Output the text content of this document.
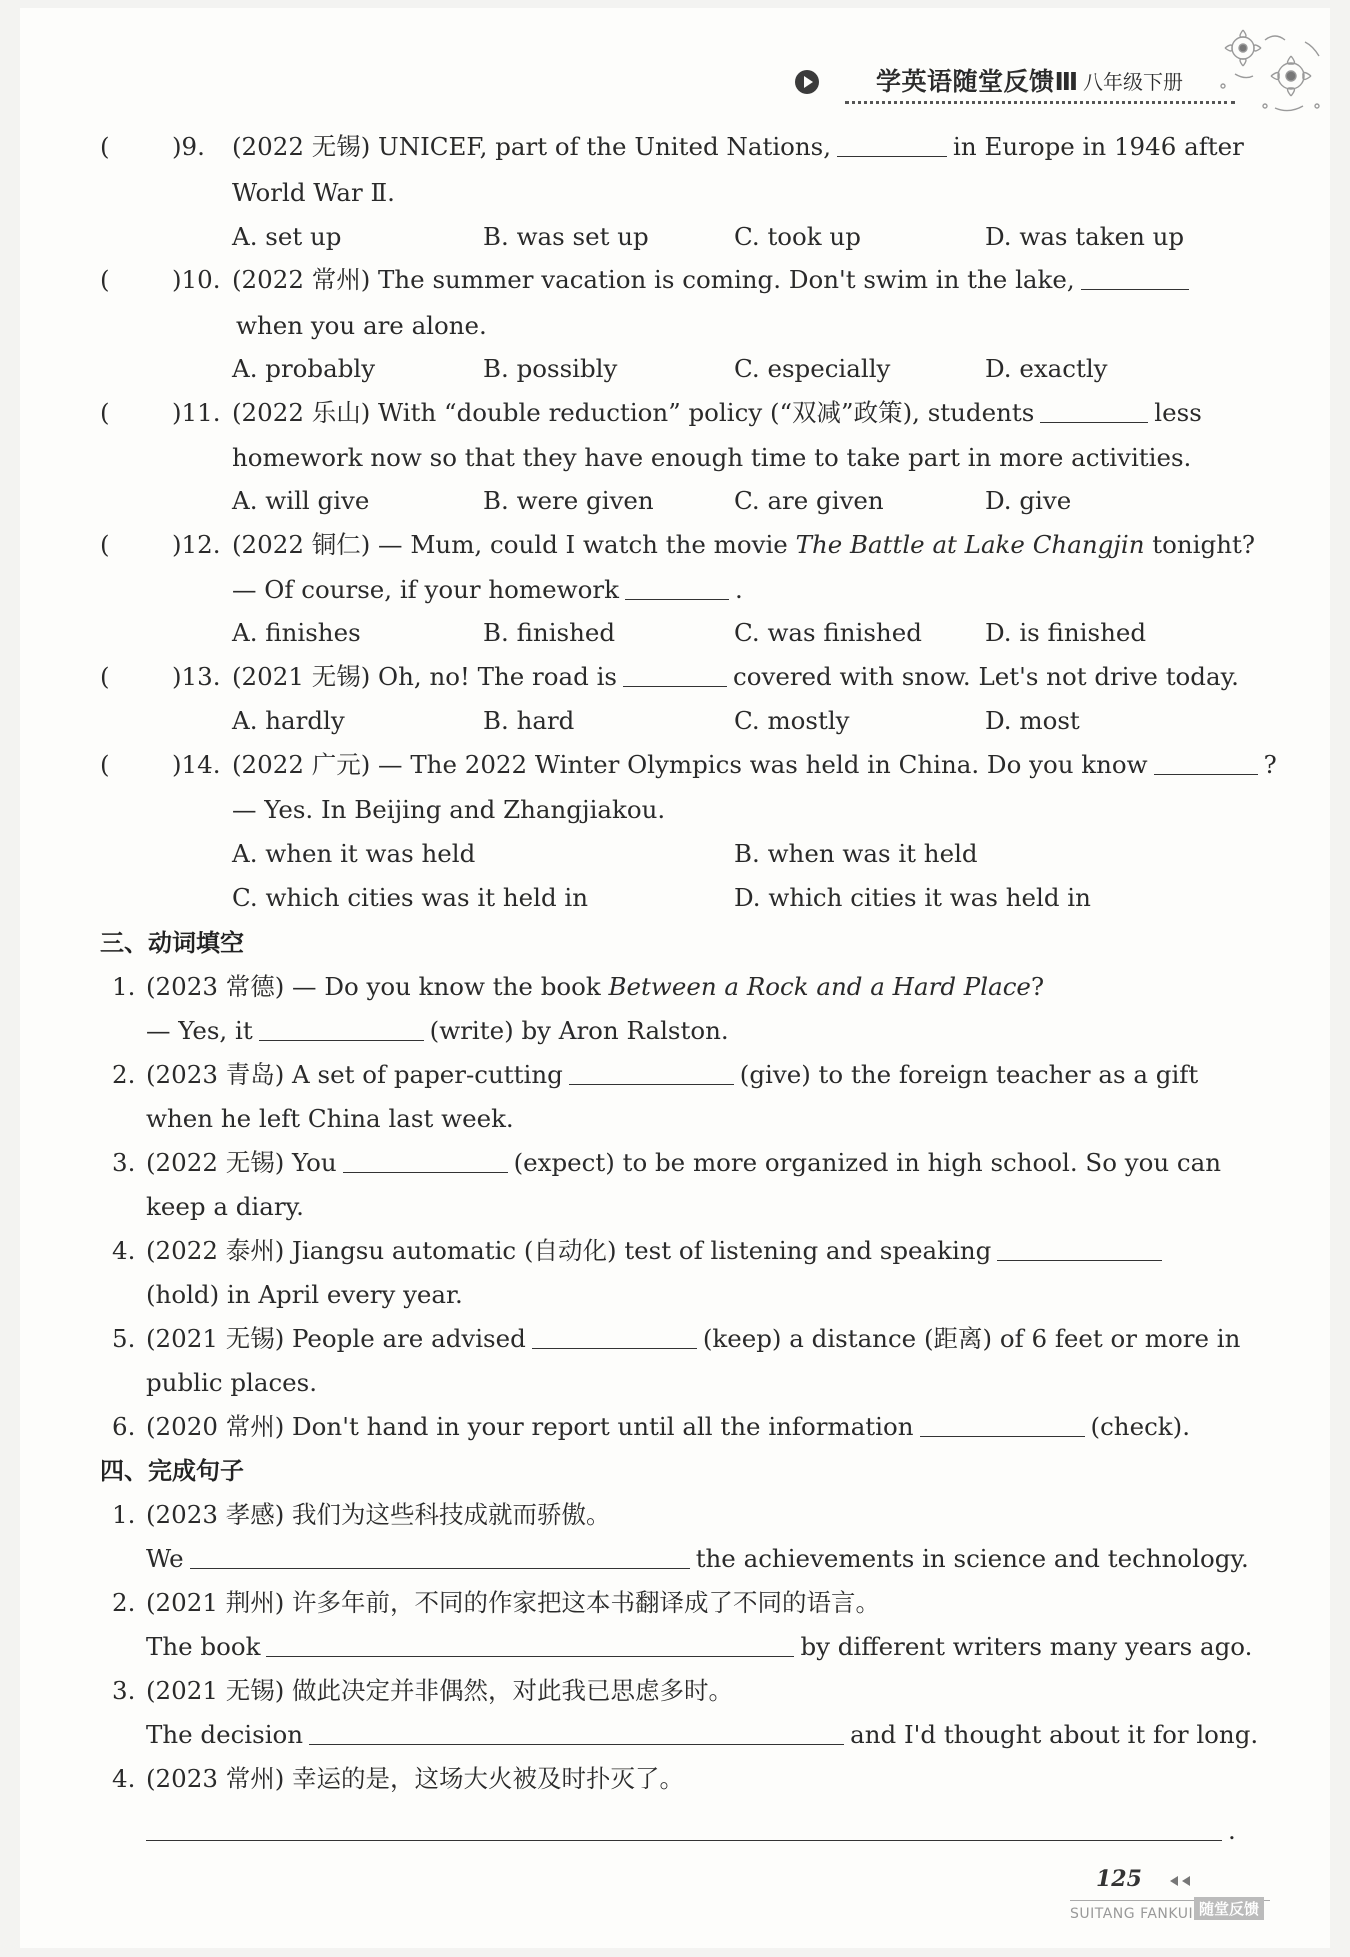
学英语随堂反馈Ⅲ 八年级下册
(	)9. (2022 无锡) UNICEF, part of the United Nations,	in Europe in 1946 after
World War Ⅱ.
A. set up	B. was set up	C. took up	D. was taken up
(	)10. (2022 常州) The summer vacation is coming. Don't swim in the lake,
when you are alone.
A. probably	B. possibly	C. especially	D. exactly
(	)11. (2022 乐山) With “double reduction” policy (“双减”政策), students	less
homework now so that they have enough time to take part in more activities.
A. will give	B. were given	C. are given	D. give
(	)12. (2022 铜仁) — Mum, could I watch the movie The Battle at Lake Changjin tonight?
— Of course, if your homework	.
A. finishes	B. finished	C. was finished	D. is finished
(	)13. (2021 无锡) Oh, no! The road is	covered with snow. Let's not drive today.
A. hardly	B. hard	C. mostly	D. most
(	)14. (2022 广元) — The 2022 Winter Olympics was held in China. Do you know	?
— Yes. In Beijing and Zhangjiakou.
A. when it was held	B. when was it held
C. which cities was it held in	D. which cities it was held in
三、动词填空
1. (2023 常德) — Do you know the book Between a Rock and a Hard Place?
— Yes, it	(write) by Aron Ralston.
2. (2023 青岛) A set of paper-cutting	(give) to the foreign teacher as a gift
when he left China last week.
3. (2022 无锡) You	(expect) to be more organized in high school. So you can
keep a diary.
4. (2022 泰州) Jiangsu automatic (自动化) test of listening and speaking
(hold) in April every year.
5. (2021 无锡) People are advised	(keep) a distance (距离) of 6 feet or more in
public places.
6. (2020 常州) Don't hand in your report until all the information	(check).
四、完成句子
1. (2023 孝感) 我们为这些科技成就而骄傲。
We	the achievements in science and technology.
2. (2021 荆州) 许多年前，不同的作家把这本书翻译成了不同的语言。
The book	by different writers many years ago.
3. (2021 无锡) 做此决定并非偶然，对此我已思虑多时。
The decision	and I'd thought about it for long.
4. (2023 常州) 幸运的是，这场大火被及时扑灭了。
.
125
SUITANG FANKUI 随堂反馈
